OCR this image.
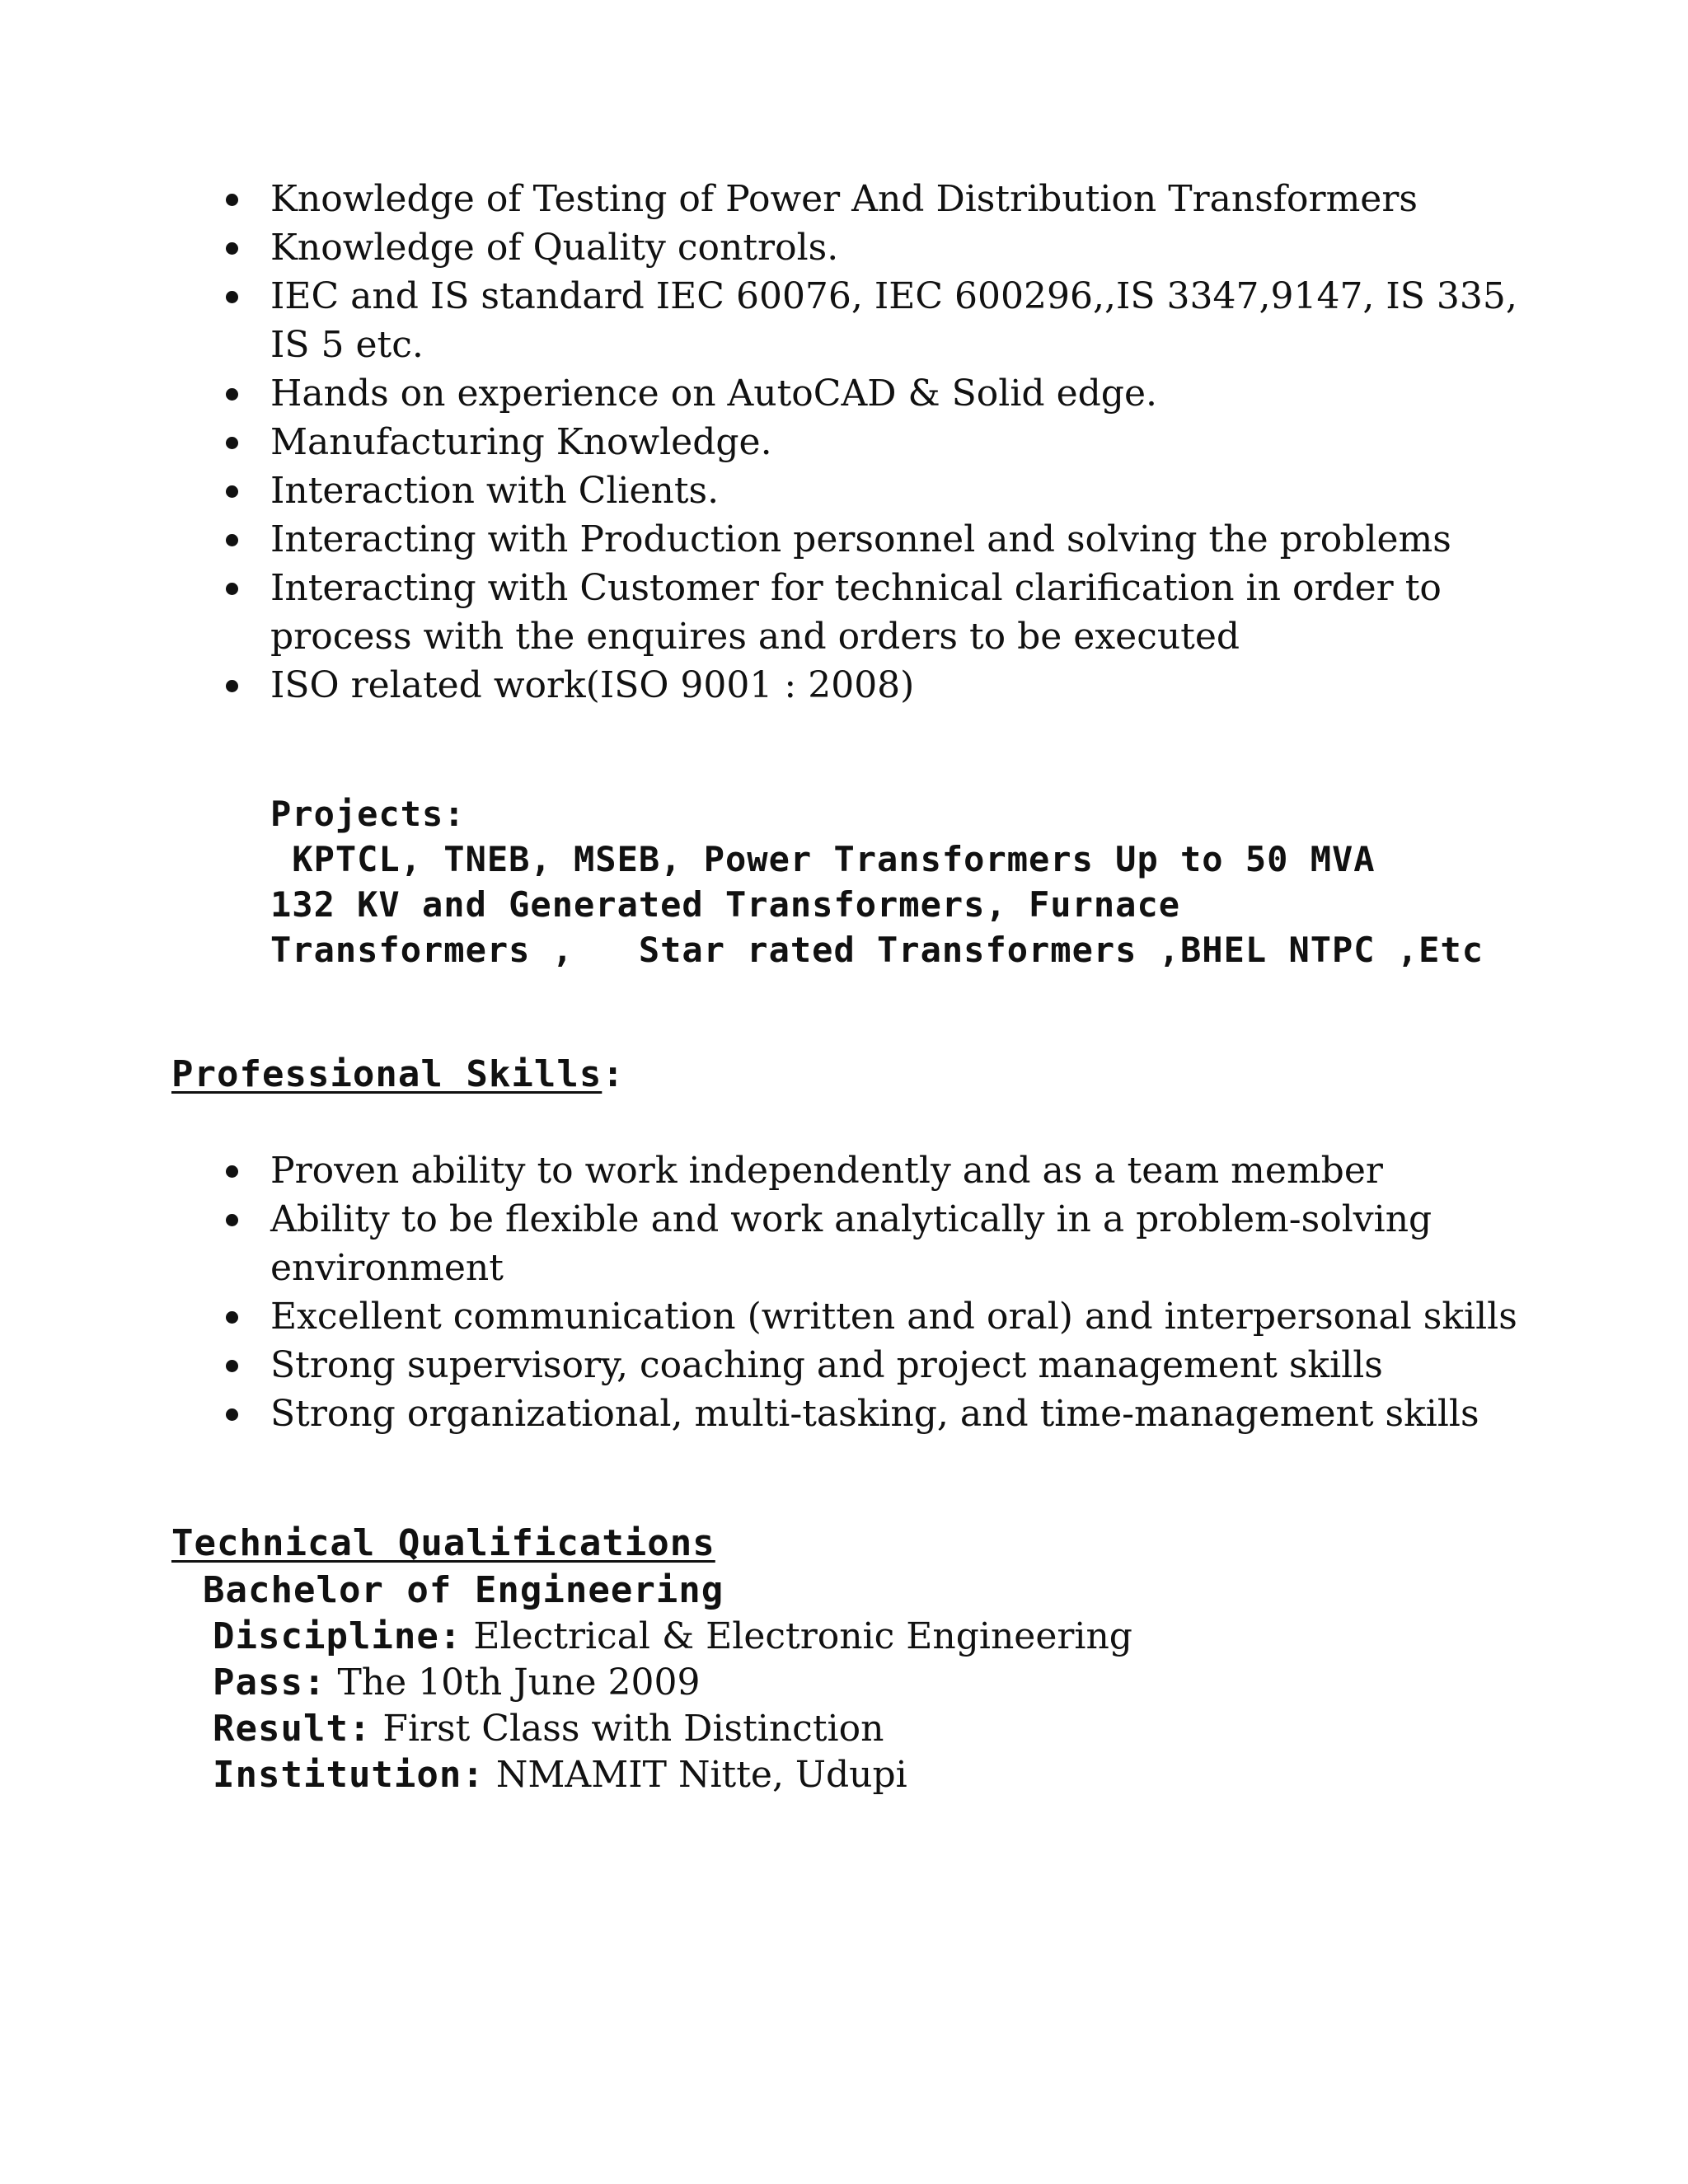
Knowledge of Testing of Power And Distribution Transformers
Knowledge of Quality controls.
IEC and IS standard IEC 60076, IEC 600296,,IS 3347,9147, IS 335, IS 5 etc.
Hands on experience on AutoCAD & Solid edge.
Manufacturing Knowledge.
Interaction with Clients.
Interacting with Production personnel and solving the problems
Interacting with Customer for technical clarification in order to process with the enquires and orders to be executed
ISO related work(ISO 9001 : 2008)
Projects:
KPTCL, TNEB, MSEB, Power Transformers Up to 50 MVA
132 KV and Generated Transformers, Furnace
Transformers ,   Star rated Transformers ,BHEL NTPC ,Etc
Professional Skills:
Proven ability to work independently and as a team member
Ability to be flexible and work analytically in a problem-solving environment
Excellent communication (written and oral) and interpersonal skills
Strong supervisory, coaching and project management skills
Strong organizational, multi-tasking, and time-management skills
Technical Qualifications
Bachelor of Engineering
Discipline: Electrical & Electronic Engineering
Pass: The 10th June 2009
Result: First Class with Distinction
Institution: NMAMIT Nitte, Udupi
